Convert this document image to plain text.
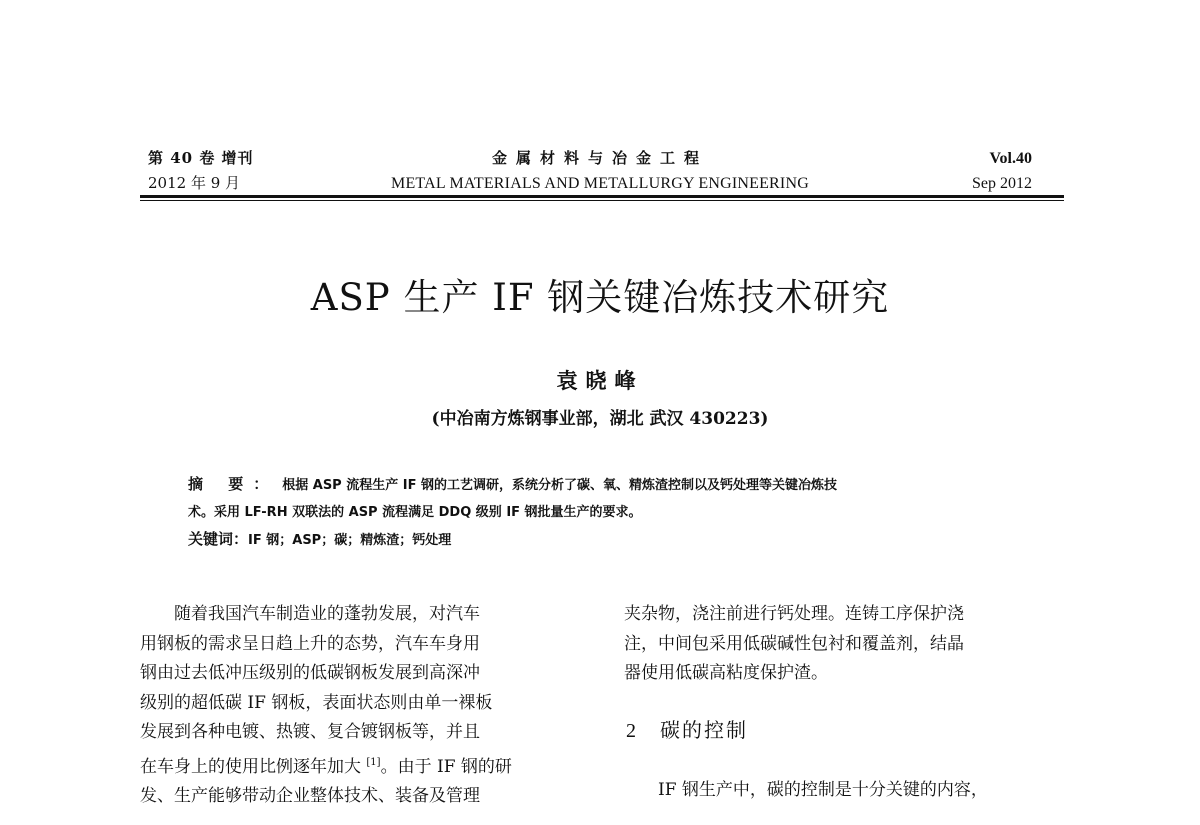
第 40 卷 增刊
2012 年 9 月
金属材料与冶金工程
METAL MATERIALS AND METALLURGY ENGINEERING
Vol.40
Sep 2012
ASP 生产 IF 钢关键冶炼技术研究
袁晓峰
(中冶南方炼钢事业部，湖北 武汉 430223)

摘 要： 根据 ASP 流程生产 IF 钢的工艺调研，系统分析了碳、氧、精炼渣控制以及钙处理等关键冶炼技

术。采用 LF-RH 双联法的 ASP 流程满足 DDQ 级别 IF 钢批量生产的要求。

关键词：IF 钢；ASP；碳；精炼渣；钙处理

随着我国汽车制造业的蓬勃发展，对汽车

用钢板的需求呈日趋上升的态势，汽车车身用

钢由过去低冲压级别的低碳钢板发展到高深冲

级别的超低碳 IF 钢板，表面状态则由单一裸板

发展到各种电镀、热镀、复合镀钢板等，并且

在车身上的使用比例逐年加大 [1]。由于 IF 钢的研

发、生产能够带动企业整体技术、装备及管理

夹杂物，浇注前进行钙处理。连铸工序保护浇

注，中间包采用低碳碱性包衬和覆盖剂，结晶

器使用低碳高粘度保护渣。

2 碳的控制

IF 钢生产中，碳的控制是十分关键的内容，
